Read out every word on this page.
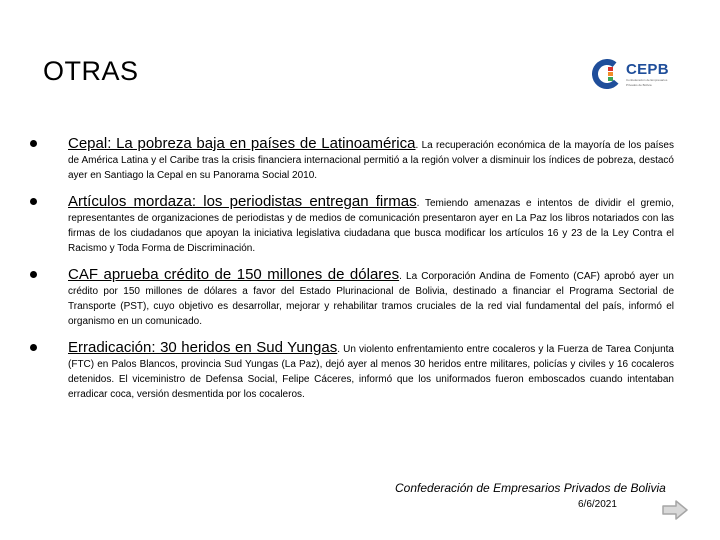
OTRAS	CEPB
Confederación de Empresarios
Privados de Bolivia

Cepal: La pobreza baja en países de Latinoamérica. La recuperación económica de la mayoría de los países de América Latina y el Caribe tras la crisis financiera internacional permitió a la región volver a disminuir los índices de pobreza, destacó ayer en Santiago la Cepal en su Panorama Social 2010.

Artículos mordaza: los periodistas entregan firmas. Temiendo amenazas e intentos de dividir el gremio, representantes de organizaciones de periodistas y de medios de comunicación presentaron ayer en La Paz los libros notariados con las firmas de los ciudadanos que apoyan la iniciativa legislativa ciudadana que busca modificar los artículos 16 y 23 de la Ley Contra el Racismo y Toda Forma de Discriminación.

CAF aprueba crédito de 150 millones de dólares. La Corporación Andina de Fomento (CAF) aprobó ayer un crédito por 150 millones de dólares a favor del Estado Plurinacional de Bolivia, destinado a financiar el Programa Sectorial de Transporte (PST), cuyo objetivo es desarrollar, mejorar y rehabilitar tramos cruciales de la red vial fundamental del país, informó el organismo en un comunicado.

Erradicación: 30 heridos en Sud Yungas. Un violento enfrentamiento entre cocaleros y la Fuerza de Tarea Conjunta (FTC) en Palos Blancos, provincia Sud Yungas (La Paz), dejó ayer al menos 30 heridos entre militares, policías y civiles y 16 cocaleros detenidos. El viceministro de Defensa Social, Felipe Cáceres, informó que los uniformados fueron emboscados cuando intentaban erradicar coca, versión desmentida por los cocaleros.

Confederación de Empresarios Privados de Bolivia
6/6/2021
